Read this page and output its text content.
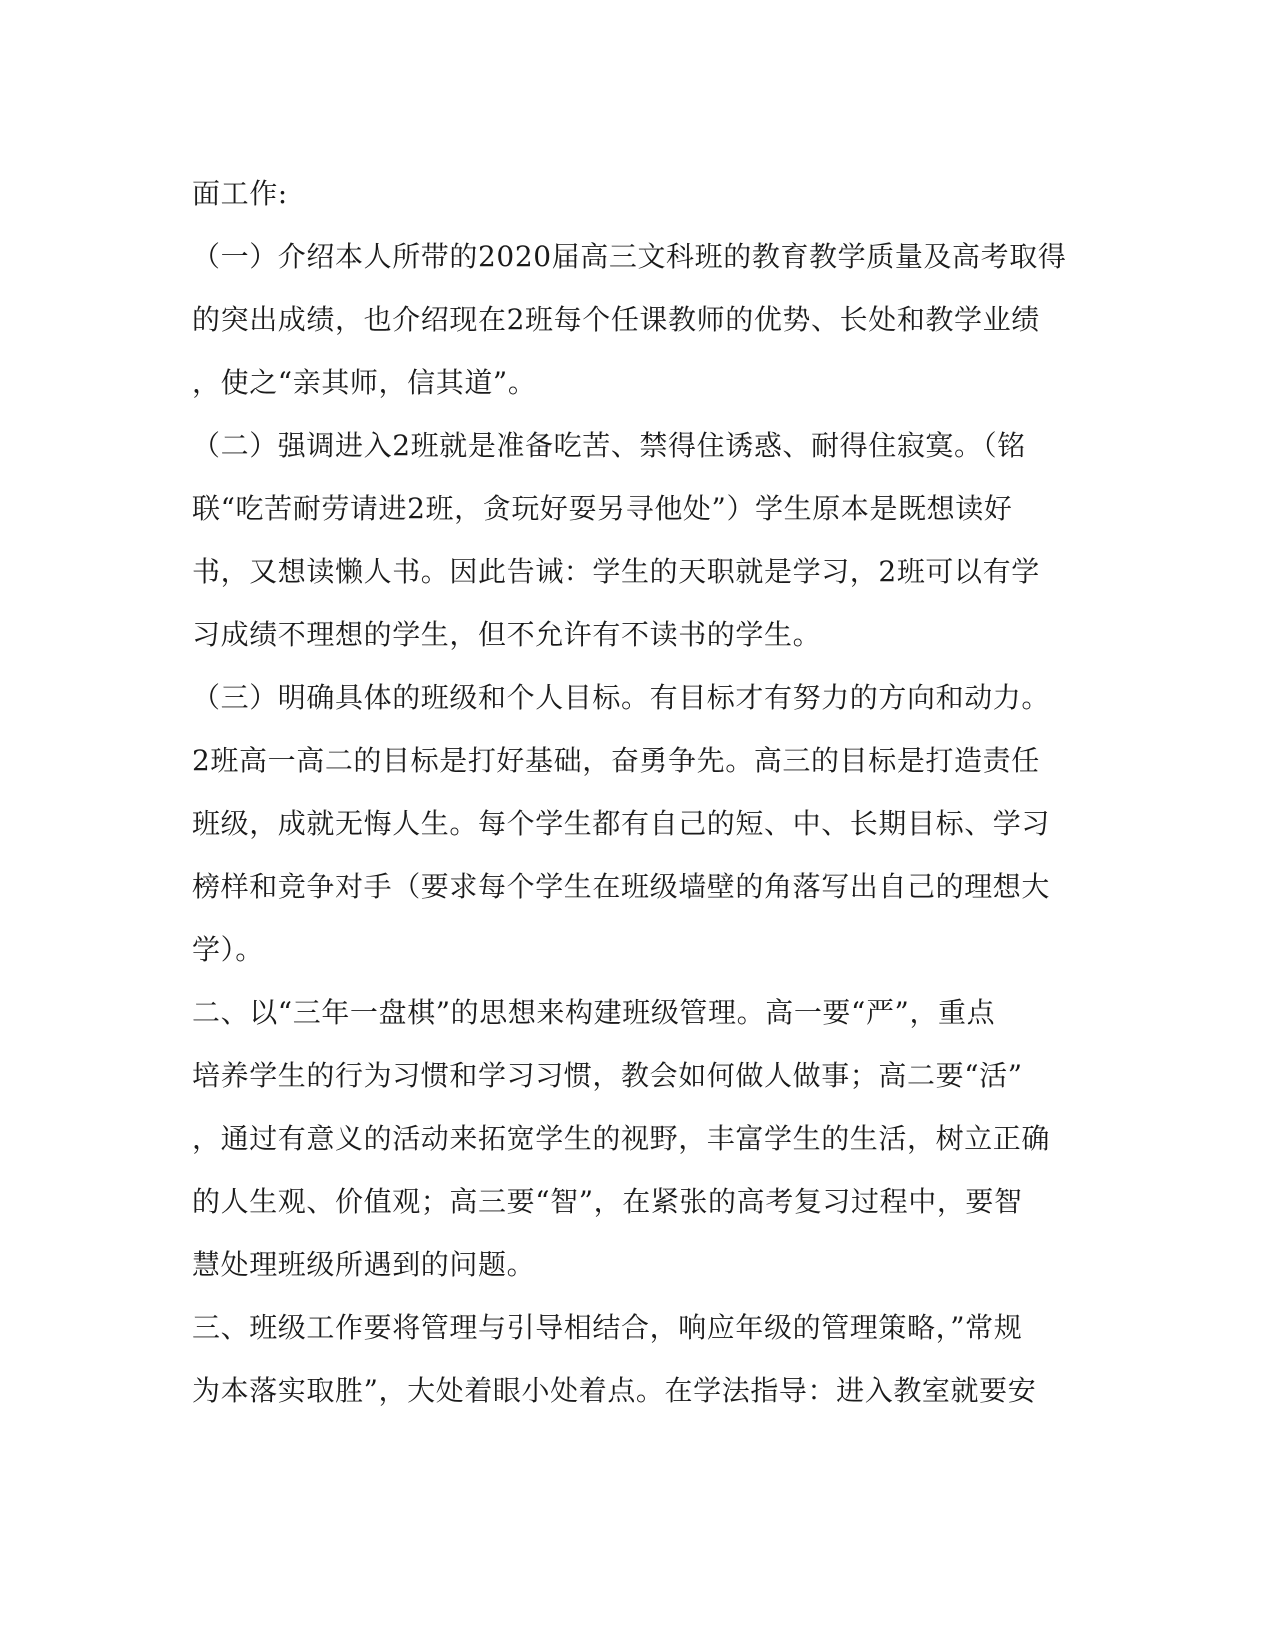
面工作:
（一）介绍本人所带的2020届高三文科班的教育教学质量及高考取得
的突出成绩，也介绍现在2班每个任课教师的优势、长处和教学业绩
，使之“亲其师，信其道”。
（二）强调进入2班就是准备吃苦、禁得住诱惑、耐得住寂寞。（铭
联“吃苦耐劳请进2班，贪玩好耍另寻他处”）学生原本是既想读好
书，又想读懒人书。因此告诫：学生的天职就是学习，2班可以有学
习成绩不理想的学生，但不允许有不读书的学生。
（三）明确具体的班级和个人目标。有目标才有努力的方向和动力。
2班高一高二的目标是打好基础，奋勇争先。高三的目标是打造责任
班级，成就无悔人生。每个学生都有自己的短、中、长期目标、学习
榜样和竞争对手（要求每个学生在班级墙壁的角落写出自己的理想大
学）。
二、以“三年一盘棋”的思想来构建班级管理。高一要“严”，重点
培养学生的行为习惯和学习习惯，教会如何做人做事；高二要“活”
，通过有意义的活动来拓宽学生的视野，丰富学生的生活，树立正确
的人生观、价值观；高三要“智”，在紧张的高考复习过程中，要智
慧处理班级所遇到的问题。
三、班级工作要将管理与引导相结合，响应年级的管理策略，”常规
为本落实取胜”，大处着眼小处着点。在学法指导：进入教室就要安
